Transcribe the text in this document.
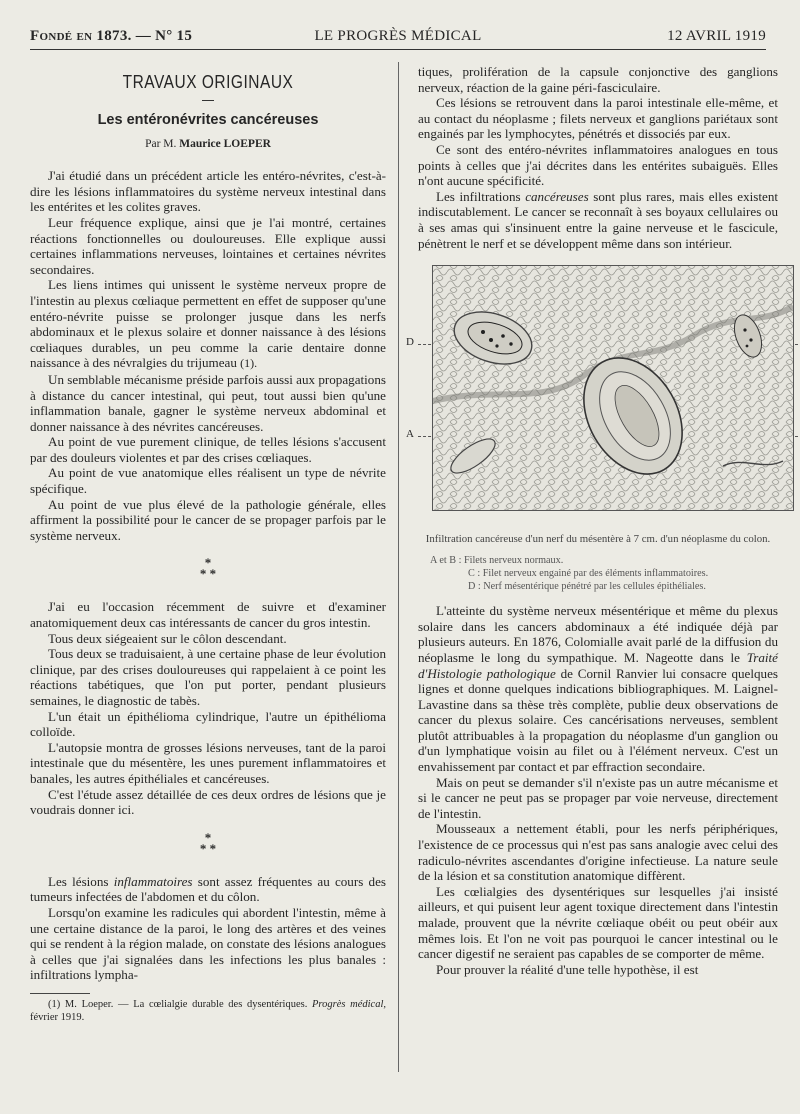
Fondé en 1873. — N° 15	LE PROGRÈS MÉDICAL	12 AVRIL 1919
TRAVAUX ORIGINAUX
Les entéronévrites cancéreuses
Par M. Maurice LOEPER

J'ai étudié dans un précédent article les entéro-névrites, c'est-à-dire les lésions inflammatoires du système nerveux intestinal dans les entérites et les colites graves.

Leur fréquence explique, ainsi que je l'ai montré, certaines réactions fonctionnelles ou douloureuses. Elle explique aussi certaines inflammations nerveuses, lointaines et certaines névrites secondaires.

Les liens intimes qui unissent le système nerveux propre de l'intestin au plexus cœliaque permettent en effet de supposer qu'une entéro-névrite puisse se prolonger jusque dans les nerfs abdominaux et le plexus solaire et donner naissance à des lésions cœliaques durables, un peu comme la carie dentaire donne naissance à des névralgies du trijumeau (1).

Un semblable mécanisme préside parfois aussi aux propagations à distance du cancer intestinal, qui peut, tout aussi bien qu'une inflammation banale, gagner le système nerveux abdominal et donner naissance à des névrites cancéreuses.

Au point de vue purement clinique, de telles lésions s'accusent par des douleurs violentes et par des crises cœliaques.

Au point de vue anatomique elles réalisent un type de névrite spécifique.

Au point de vue plus élevé de la pathologie générale, elles affirment la possibilité pour le cancer de se propager parfois par le système nerveux.

*
* *

J'ai eu l'occasion récemment de suivre et d'examiner anatomiquement deux cas intéressants de cancer du gros intestin.

Tous deux siégeaient sur le côlon descendant.

Tous deux se traduisaient, à une certaine phase de leur évolution clinique, par des crises douloureuses qui rappelaient à ce point les réactions tabétiques, que l'on put porter, pendant plusieurs semaines, le diagnostic de tabès.

L'un était un épithélioma cylindrique, l'autre un épithélioma colloïde.

L'autopsie montra de grosses lésions nerveuses, tant de la paroi intestinale que du mésentère, les unes purement inflammatoires et banales, les autres épithéliales et cancéreuses.

C'est l'étude assez détaillée de ces deux ordres de lésions que je voudrais donner ici.

*
* *

Les lésions inflammatoires sont assez fréquentes au cours des tumeurs infectées de l'abdomen et du côlon.

Lorsqu'on examine les radicules qui abordent l'intestin, même à une certaine distance de la paroi, le long des artères et des veines qui se rendent à la région malade, on constate des lésions analogues à celles que j'ai signalées dans les infections les plus banales : infiltrations lympha-

(1) M. Loeper. — La cœlialgie durable des dysentériques. Progrès médical, février 1919.

tiques, prolifération de la capsule conjonctive des ganglions nerveux, réaction de la gaine péri-fasciculaire.

Ces lésions se retrouvent dans la paroi intestinale elle-même, et au contact du néoplasme ; filets nerveux et ganglions pariétaux sont engainés par les lymphocytes, pénétrés et dissociés par eux.

Ce sont des entéro-névrites inflammatoires analogues en tous points à celles que j'ai décrites dans les entérites subaiguës. Elles n'ont aucune spécificité.

Les infiltrations cancéreuses sont plus rares, mais elles existent indiscutablement. Le cancer se reconnaît à ses boyaux cellulaires ou à ses amas qui s'insinuent entre la gaine nerveuse et le fascicule, pénètrent le nerf et se développent même dans son intérieur.

D
A
Infiltration cancéreuse d'un nerf du mésentère à 7 cm. d'un néoplasme du colon.
A et B : Filets nerveux normaux.
C : Filet nerveux engainé par des éléments inflammatoires.
D : Nerf mésentérique pénétré par les cellules épithéliales.

L'atteinte du système nerveux mésentérique et même du plexus solaire dans les cancers abdominaux a été indiquée déjà par plusieurs auteurs. En 1876, Colomialle avait parlé de la diffusion du néoplasme le long du sympathique. M. Nageotte dans le Traité d'Histologie pathologique de Cornil Ranvier lui consacre quelques lignes et donne quelques indications bibliographiques. M. Laignel-Lavastine dans sa thèse très complète, publie deux observations de cancer du plexus solaire. Ces cancérisations nerveuses, semblent plutôt attribuables à la propagation du néoplasme d'un ganglion ou d'un lymphatique voisin au filet ou à l'élément nerveux. C'est un envahissement par contact et par effraction secondaire.

Mais on peut se demander s'il n'existe pas un autre mécanisme et si le cancer ne peut pas se propager par voie nerveuse, directement de l'intestin.

Mousseaux a nettement établi, pour les nerfs périphériques, l'existence de ce processus qui n'est pas sans analogie avec celui des radiculo-névrites ascendantes d'origine infectieuse. La nature seule de la lésion et sa constitution anatomique diffèrent.

Les cœlialgies des dysentériques sur lesquelles j'ai insisté ailleurs, et qui puisent leur agent toxique directement dans l'intestin malade, prouvent que la névrite cœliaque obéit ou peut obéir aux mêmes lois. Et l'on ne voit pas pourquoi le cancer intestinal ou le cancer digestif ne seraient pas capables de se comporter de même.

Pour prouver la réalité d'une telle hypothèse, il est
